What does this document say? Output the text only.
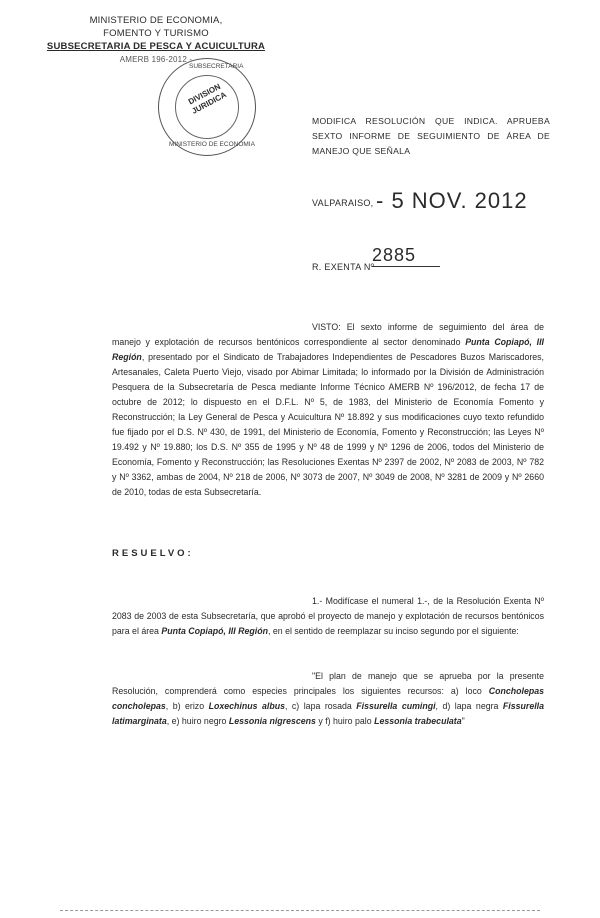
MINISTERIO DE ECONOMIA,
FOMENTO Y TURISMO
SUBSECRETARIA DE PESCA Y ACUICULTURA
AMERB 196-2012 -
SUBSECRETARIA
DIVISION JURIDICA
MINISTERIO DE ECONOMIA
MODIFICA RESOLUCIÓN QUE INDICA. APRUEBA SEXTO INFORME DE SEGUIMIENTO DE ÁREA DE MANEJO QUE SEÑALA
VALPARAISO, - 5 NOV. 2012
R. EXENTA Nº
2885
VISTO: El sexto informe de seguimiento del área de manejo y explotación de recursos bentónicos correspondiente al sector denominado Punta Copiapó, III Región, presentado por el Sindicato de Trabajadores Independientes de Pescadores Buzos Mariscadores, Artesanales, Caleta Puerto Viejo, visado por Abimar Limitada; lo informado por la División de Administración Pesquera de la Subsecretaría de Pesca mediante Informe Técnico AMERB Nº 196/2012, de fecha 17 de octubre de 2012; lo dispuesto en el D.F.L. Nº 5, de 1983, del Ministerio de Economía Fomento y Reconstrucción; la Ley General de Pesca y Acuicultura Nº 18.892 y sus modificaciones cuyo texto refundido fue fijado por el D.S. Nº 430, de 1991, del Ministerio de Economía, Fomento y Reconstrucción; las Leyes Nº 19.492 y Nº 19.880; los D.S. Nº 355 de 1995 y Nº 48 de 1999 y Nº 1296 de 2006, todos del Ministerio de Economía, Fomento y Reconstrucción; las Resoluciones Exentas Nº 2397 de 2002, Nº 2083 de 2003, Nº 782 y Nº 3362, ambas de 2004, Nº 218 de 2006, Nº 3073 de 2007, Nº 3049 de 2008, Nº 3281 de 2009 y Nº 2660 de 2010, todas de esta Subsecretaría.
RESUELVO:
1.- Modifícase el numeral 1.-, de la Resolución Exenta Nº 2083 de 2003 de esta Subsecretaría, que aprobó el proyecto de manejo y explotación de recursos bentónicos para el área Punta Copiapó, III Región, en el sentido de reemplazar su inciso segundo por el siguiente:
"El plan de manejo que se aprueba por la presente Resolución, comprenderá como especies principales los siguientes recursos: a) loco Concholepas concholepas, b) erizo Loxechinus albus, c) lapa rosada Fissurella cumingi, d) lapa negra Fissurella latimarginata, e) huiro negro Lessonia nigrescens y f) huiro palo Lessonia trabeculata"
